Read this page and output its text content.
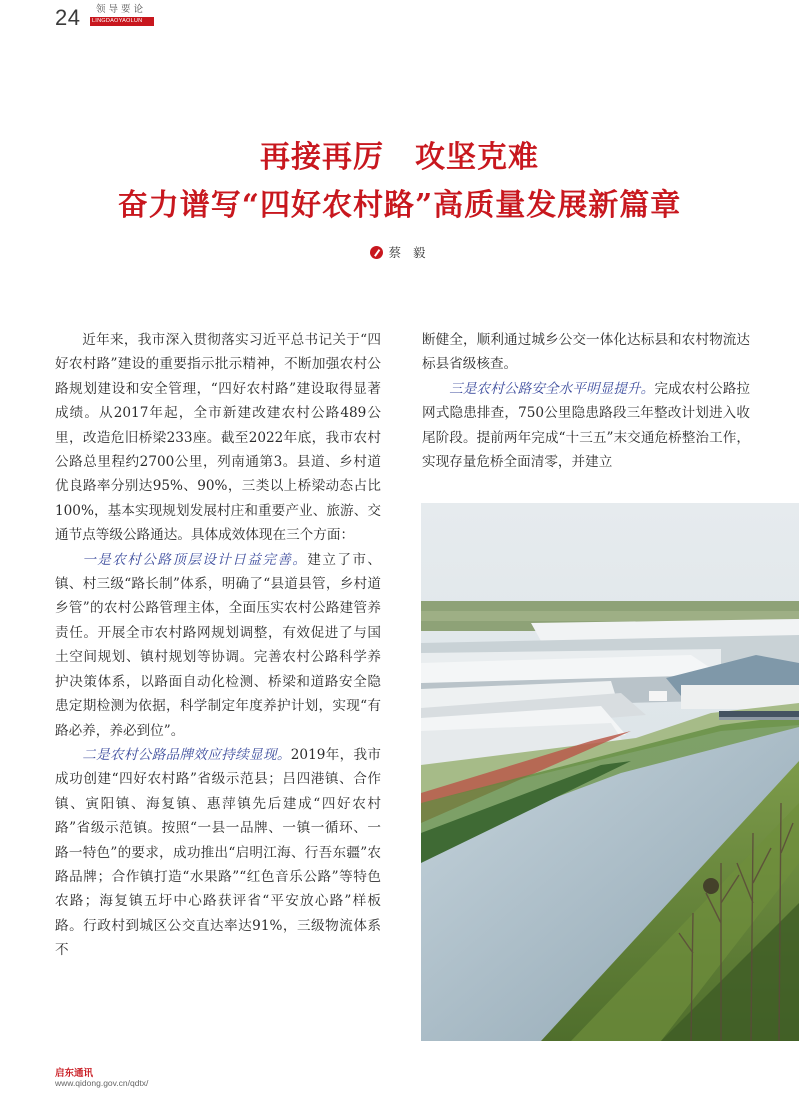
24	领导要论
LINGDAOYAOLUN
再接再厉　攻坚克难
奋力谱写“四好农村路”高质量发展新篇章
蔡 毅

近年来，我市深入贯彻落实习近平总书记关于“四好农村路”建设的重要指示批示精神，不断加强农村公路规划建设和安全管理，“四好农村路”建设取得显著成绩。从2017年起，全市新建改建农村公路489公里，改造危旧桥梁233座。截至2022年底，我市农村公路总里程约2700公里，列南通第3。县道、乡村道优良路率分别达95%、90%，三类以上桥梁动态占比100%，基本实现规划发展村庄和重要产业、旅游、交通节点等级公路通达。具体成效体现在三个方面：

一是农村公路顶层设计日益完善。建立了市、镇、村三级“路长制”体系，明确了“县道县管，乡村道乡管”的农村公路管理主体，全面压实农村公路建管养责任。开展全市农村路网规划调整，有效促进了与国土空间规划、镇村规划等协调。完善农村公路科学养护决策体系，以路面自动化检测、桥梁和道路安全隐患定期检测为依据，科学制定年度养护计划，实现“有路必养，养必到位”。

二是农村公路品牌效应持续显现。2019年，我市成功创建“四好农村路”省级示范县；吕四港镇、合作镇、寅阳镇、海复镇、惠萍镇先后建成“四好农村路”省级示范镇。按照“一县一品牌、一镇一循环、一路一特色”的要求，成功推出“启明江海、行吾东疆”农路品牌；合作镇打造“水果路”“红色音乐公路”等特色农路；海复镇五圩中心路获评省“平安放心路”样板路。行政村到城区公交直达率达91%，三级物流体系不

断健全，顺利通过城乡公交一体化达标县和农村物流达标县省级核查。

三是农村公路安全水平明显提升。完成农村公路拉网式隐患排查，750公里隐患路段三年整改计划进入收尾阶段。提前两年完成“十三五”末交通危桥整治工作，实现存量危桥全面清零，并建立

启东通讯
www.qidong.gov.cn/qdtx/
